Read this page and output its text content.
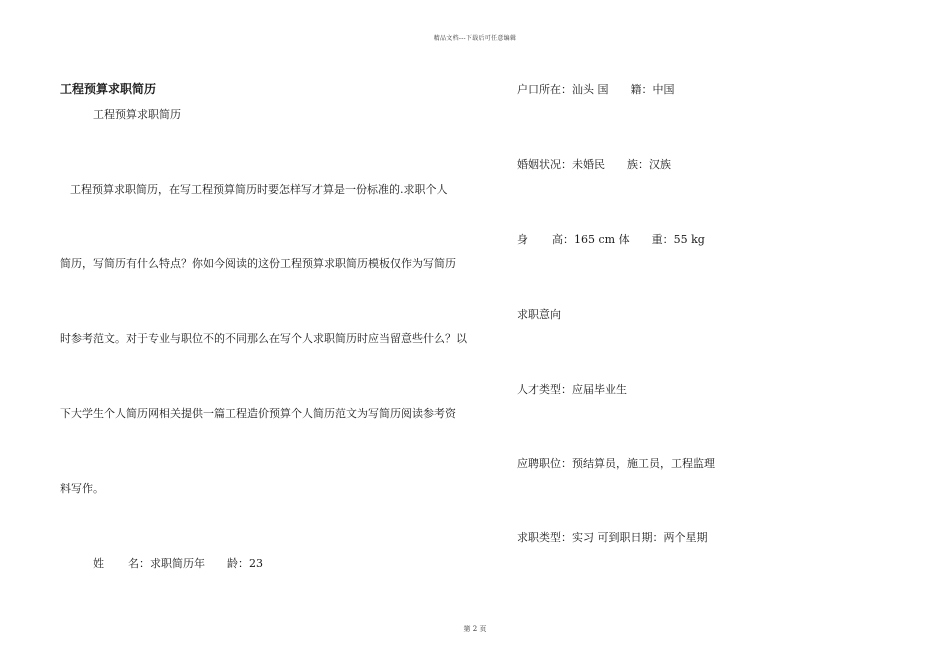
精品文档---下载后可任意编辑
工程预算求职简历
工程预算求职简历
工程预算求职简历，在写工程预算简历时要怎样写才算是一份标准的.求职个人
简历，写简历有什么特点？你如今阅读的这份工程预算求职简历模板仅作为写简历
时参考范文。对于专业与职位不的不同那么在写个人求职简历时应当留意些什么？以
下大学生个人简历网相关提供一篇工程造价预算个人简历范文为写简历阅读参考资
料写作。
姓 名：求职简历年 龄：23
户口所在：汕头 国 籍：中国
婚姻状况：未婚民 族：汉族
身 高：165 cm 体 重：55 kg
求职意向
人才类型：应届毕业生
应聘职位：预结算员，施工员，工程监理
求职类型：实习 可到职日期：两个星期
第 2 页
